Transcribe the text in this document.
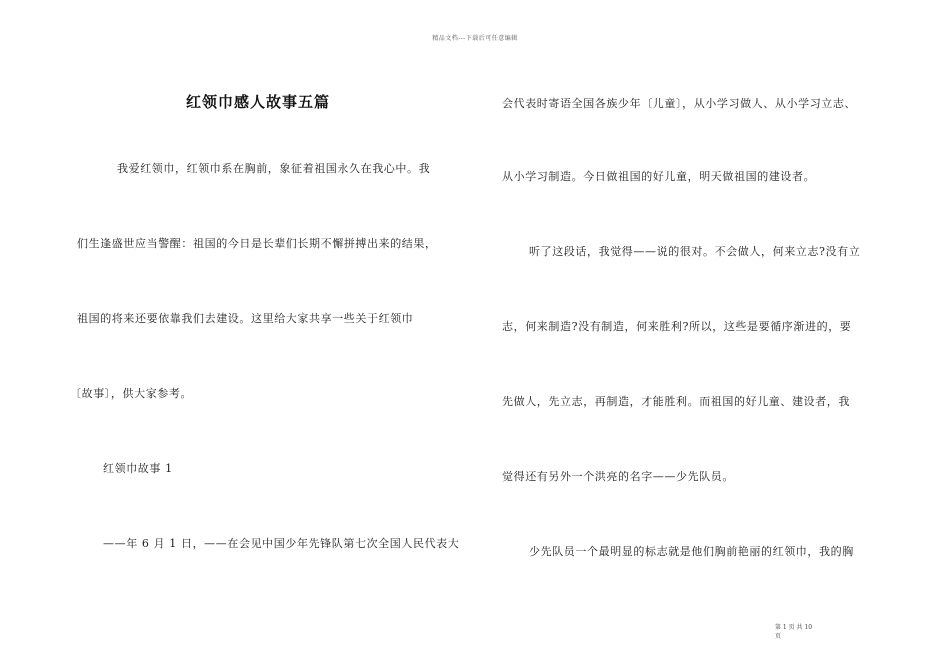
精品文档---下载后可任意编辑
红领巾感人故事五篇
我爱红领巾，红领巾系在胸前，象征着祖国永久在我心中。我
们生逢盛世应当警醒：祖国的今日是长辈们长期不懈拼搏出来的结果，
祖国的将来还要依靠我们去建设。这里给大家共享一些关于红领巾
〔故事〕，供大家参考。
红领巾故事 1
——年 6 月 1 日，——在会见中国少年先锋队第七次全国人民代表大
会代表时寄语全国各族少年〔儿童〕，从小学习做人、从小学习立志、
从小学习制造。今日做祖国的好儿童，明天做祖国的建设者。
听了这段话，我觉得——说的很对。不会做人，何来立志?没有立
志，何来制造?没有制造，何来胜利?所以，这些是要循序渐进的，要
先做人，先立志，再制造，才能胜利。而祖国的好儿童、建设者，我
觉得还有另外一个洪亮的名字——少先队员。
少先队员一个最明显的标志就是他们胸前艳丽的红领巾，我的胸
第 1 页 共 10
页
